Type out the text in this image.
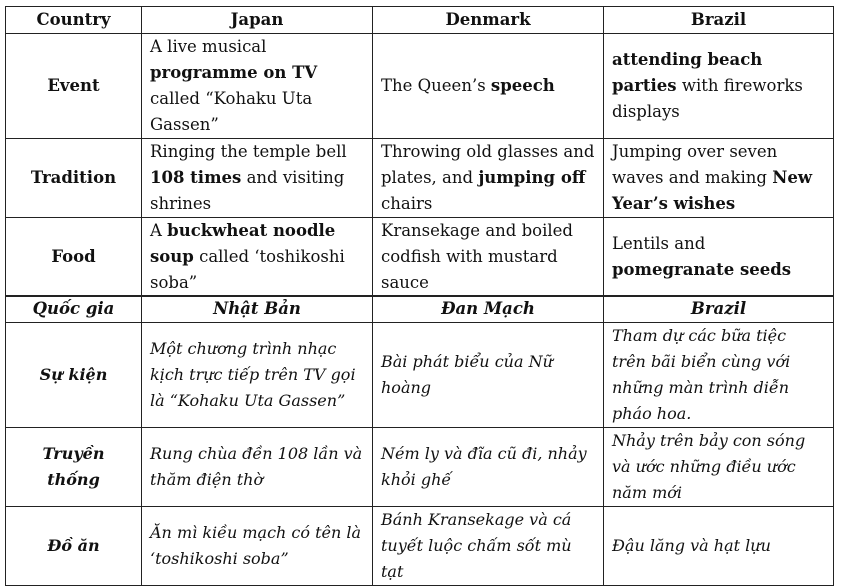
Country	Japan	Denmark	Brazil
Event	A live musical programme on TV called “Kohaku Uta Gassen”	The Queen’s speech	attending beach parties with fireworks displays
Tradition	Ringing the temple bell 108 times and visiting shrines	Throwing old glasses and plates, and jumping off chairs	Jumping over seven waves and making New Year’s wishes
Food	A buckwheat noodle soup called ‘toshikoshi soba”	Kransekage and boiled codfish with mustard sauce	Lentils and pomegranate seeds
Quốc gia	Nhật Bản	Đan Mạch	Brazil
Sự kiện	Một chương trình nhạc kịch trực tiếp trên TV gọi là “Kohaku Uta Gassen”	Bài phát biểu của Nữ hoàng	Tham dự các bữa tiệc trên bãi biển cùng với những màn trình diễn pháo hoa.
Truyền thống	Rung chùa đền 108 lần và thăm điện thờ	Ném ly và đĩa cũ đi, nhảy khỏi ghế	Nhảy trên bảy con sóng và ước những điều ước năm mới
Đồ ăn	Ăn mì kiều mạch có tên là ‘toshikoshi soba”	Bánh Kransekage và cá tuyết luộc chấm sốt mù tạt	Đậu lăng và hạt lựu
